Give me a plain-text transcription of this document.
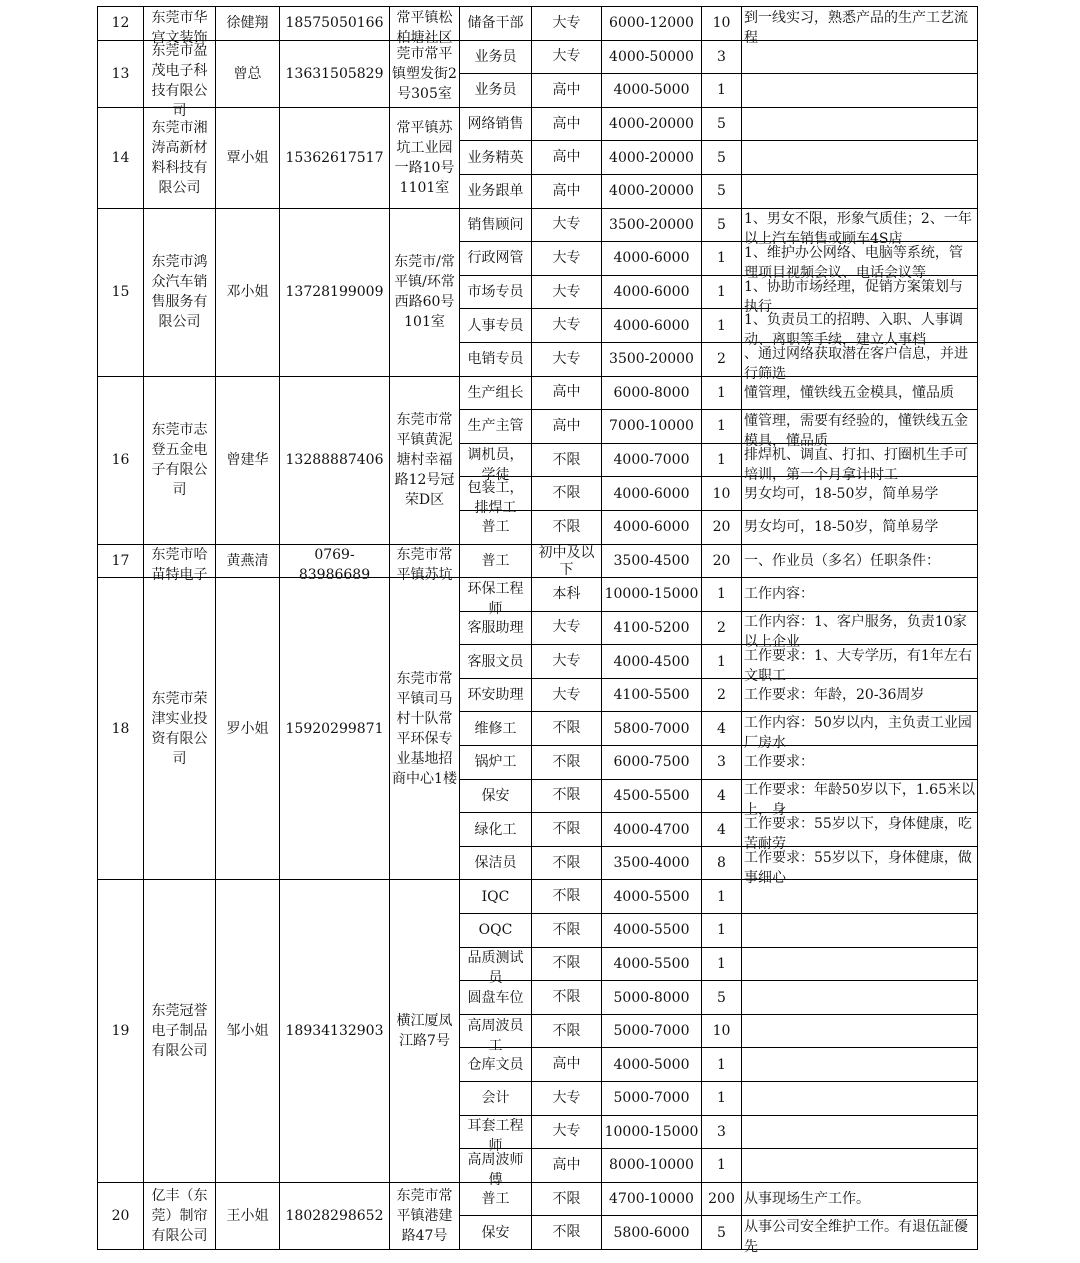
12	东莞市华宫文装饰	徐健翔	18575050166	常平镇松柏塘社区	储备干部	大专	6000-12000	10	到一线实习，熟悉产品的生产工艺流程

13	东莞市盈茂电子科技有限公司	曾总	13631505829	莞市常平镇塑发街2号305室	业务员	大专	4000-50000	3	

					业务员	高中	4000-5000	1	

14	东莞市湘涛高新材料科技有限公司	覃小姐	15362617517	常平镇苏坑工业园一路10号1101室	网络销售	高中	4000-20000	5	

					业务精英	高中	4000-20000	5	

					业务跟单	高中	4000-20000	5	

15	东莞市鸿众汽车销售服务有限公司	邓小姐	13728199009	东莞市/常平镇/环常西路60号101室	销售顾问	大专	3500-20000	5	1、男女不限，形象气质佳；2、一年以上汽车销售或顾车4S店

					行政网管	大专	4000-6000	1	1、维护办公网络、电脑等系统，管理项目视频会议、电话会议等

					市场专员	大专	4000-6000	1	1、协助市场经理，促销方案策划与执行

					人事专员	大专	4000-6000	1	1、负责员工的招聘、入职、人事调动、离职等手续，建立人事档

					电销专员	大专	3500-20000	2	、通过网络获取潜在客户信息，并进行筛选

16	东莞市志登五金电子有限公司	曾建华	13288887406	东莞市常平镇黄泥塘村幸福路12号冠荣D区	生产组长	高中	6000-8000	1	懂管理，懂铁线五金模具，懂品质

					生产主管	高中	7000-10000	1	懂管理，需要有经验的，懂铁线五金模具，懂品质

					调机员，学徒	不限	4000-7000	1	排焊机、调直、打扣、打圈机生手可培训，第一个月拿计时工

					包装工，排焊工	不限	4000-6000	10	男女均可，18-50岁，简单易学

					普工	不限	4000-6000	20	男女均可，18-50岁，简单易学

17	东莞市哈苗特电子	黄燕清	0769-83986689	东莞市常平镇苏坑	普工	初中及以下	3500-4500	20	一、作业员（多名）任职条件：

18	东莞市荣津实业投资有限公司	罗小姐	15920299871	东莞市常平镇司马村十队常平环保专业基地招商中心1楼	环保工程师	本科	10000-15000	1	工作内容：

					客服助理	大专	4100-5200	2	工作内容：1、客户服务，负责10家以上企业

					客服文员	大专	4000-4500	1	工作要求：1、大专学历，有1年左右文职工

					环安助理	大专	4100-5500	2	工作要求：年龄，20-36周岁

					维修工	不限	5800-7000	4	工作内容：50岁以内，主负责工业园厂房水

					锅炉工	不限	6000-7500	3	工作要求：

					保安	不限	4500-5500	4	工作要求：年龄50岁以下，1.65米以上，身

					绿化工	不限	4000-4700	4	工作要求：55岁以下，身体健康，吃苦耐劳

					保洁员	不限	3500-4000	8	工作要求：55岁以下，身体健康，做事细心

19	东莞冠誉电子制品有限公司	邹小姐	18934132903	横江厦凤江路7号	IQC	不限	4000-5500	1	

					OQC	不限	4000-5500	1	

					品质测试员	不限	4000-5500	1	

					圆盘车位	不限	5000-8000	5	

					高周波员工	不限	5000-7000	10	

					仓库文员	高中	4000-5000	1	

					会计	大专	5000-7000	1	

					耳套工程师	大专	10000-15000	3	

					高周波师傅	高中	8000-10000	1	

20	亿丰（东莞）制帘有限公司	王小姐	18028298652	东莞市常平镇港建路47号	普工	不限	4700-10000	200	从事现场生产工作。

					保安	不限	5800-6000	5	从事公司安全维护工作。有退伍証優先
